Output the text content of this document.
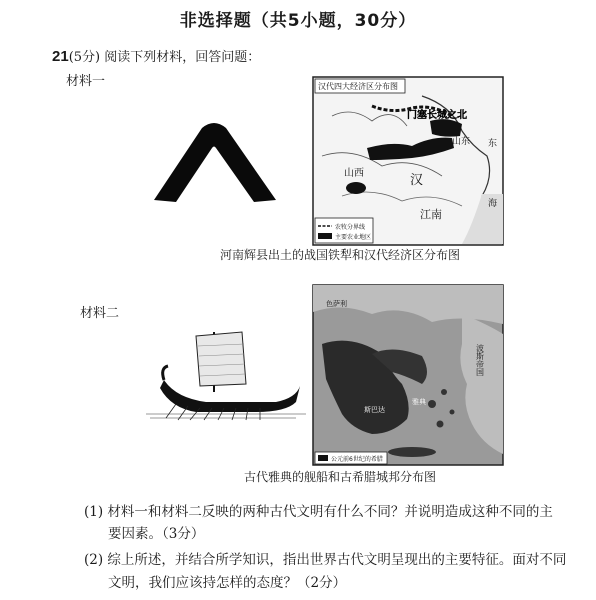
非选择题（共5小题，30分）
21(5分) 阅读下列材料，回答问题：
材料一	汉代四大经济区分布图
门塞长城之北
山西
山东
汉
江南
东
海
农牧分界线
主要农业地区
河南辉县出土的战国铁犁和汉代经济区分布图
材料二
色萨利
雅典
斯巴达
波斯帝国
公元前6世纪的希腊
古代雅典的舰船和古希腊城邦分布图
(1) 材料一和材料二反映的两种古代文明有什么不同？并说明造成这种不同的主
要因素。（3分）
(2) 综上所述，并结合所学知识，指出世界古代文明呈现出的主要特征。面对不同
文明，我们应该持怎样的态度？（2分）
